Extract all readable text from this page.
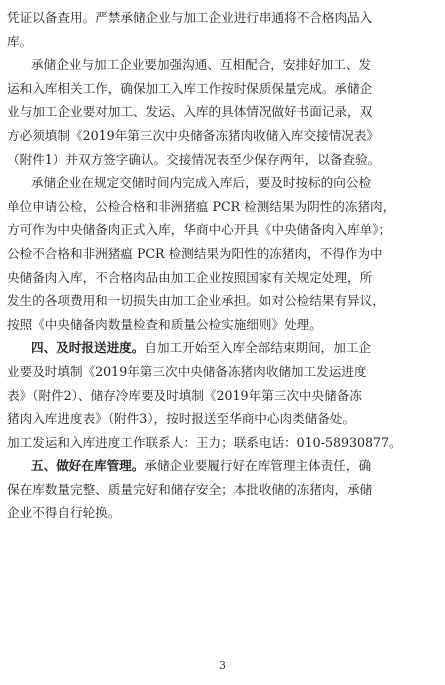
凭证以备查用。严禁承储企业与加工企业进行串通将不合格肉品入
库。
承储企业与加工企业要加强沟通、互相配合，安排好加工、发
运和入库相关工作，确保加工入库工作按时保质保量完成。承储企
业与加工企业要对加工、发运、入库的具体情况做好书面记录，双
方必须填制《2019年第三次中央储备冻猪肉收储入库交接情况表》
（附件1）并双方签字确认。交接情况表至少保存两年，以备查验。
承储企业在规定交储时间内完成入库后，要及时按标的向公检
单位申请公检，公检合格和非洲猪瘟 PCR 检测结果为阴性的冻猪肉，
方可作为中央储备肉正式入库，华商中心开具《中央储备肉入库单》；
公检不合格和非洲猪瘟 PCR 检测结果为阳性的冻猪肉，不得作为中
央储备肉入库，不合格肉品由加工企业按照国家有关规定处理，所
发生的各项费用和一切损失由加工企业承担。如对公检结果有异议，
按照《中央储备肉数量检查和质量公检实施细则》处理。
四、及时报送进度。自加工开始至入库全部结束期间，加工企
业要及时填制《2019年第三次中央储备冻猪肉收储加工发运进度
表》（附件2）、储存冷库要及时填制《2019年第三次中央储备冻
猪肉入库进度表》（附件3），按时报送至华商中心肉类储备处。
加工发运和入库进度工作联系人：王力；联系电话：010-58930877。
五、做好在库管理。承储企业要履行好在库管理主体责任，确
保在库数量完整、质量完好和储存安全；本批收储的冻猪肉，承储
企业不得自行轮换。
3
